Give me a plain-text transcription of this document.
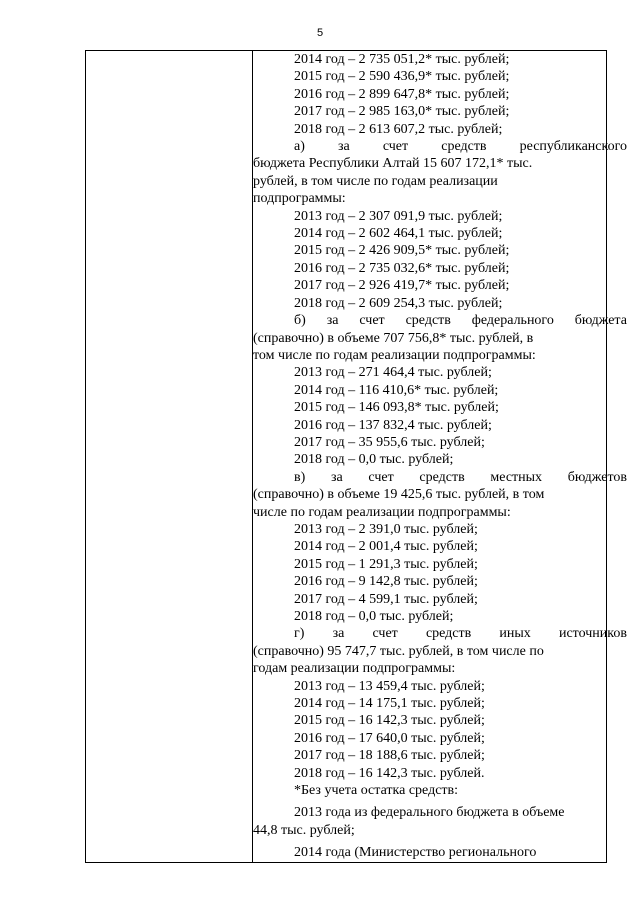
5

2014 год – 2 735 051,2* тыс. рублей;
2015 год – 2 590 436,9* тыс. рублей;
2016 год – 2 899 647,8* тыс. рублей;
2017 год – 2 985 163,0* тыс. рублей;
2018 год – 2 613 607,2 тыс. рублей;
а) за счет средств республиканского
бюджета Республики Алтай 15 607 172,1* тыс.
рублей, в том числе по годам реализации
подпрограммы:
2013 год – 2 307 091,9 тыс. рублей;
2014 год – 2 602 464,1 тыс. рублей;
2015 год – 2 426 909,5* тыс. рублей;
2016 год – 2 735 032,6* тыс. рублей;
2017 год – 2 926 419,7* тыс. рублей;
2018 год – 2 609 254,3 тыс. рублей;
б) за счет средств федерального бюджета
(справочно) в объеме 707 756,8* тыс. рублей, в
том числе по годам реализации подпрограммы:
2013 год – 271 464,4 тыс. рублей;
2014 год – 116 410,6* тыс. рублей;
2015 год – 146 093,8* тыс. рублей;
2016 год – 137 832,4 тыс. рублей;
2017 год – 35 955,6 тыс. рублей;
2018 год – 0,0 тыс. рублей;
в) за счет средств местных бюджетов
(справочно) в объеме 19 425,6 тыс. рублей, в том
числе по годам реализации подпрограммы:
2013 год – 2 391,0 тыс. рублей;
2014 год – 2 001,4 тыс. рублей;
2015 год – 1 291,3 тыс. рублей;
2016 год – 9 142,8 тыс. рублей;
2017 год – 4 599,1 тыс. рублей;
2018 год – 0,0 тыс. рублей;
г) за счет средств иных источников
(справочно) 95 747,7 тыс. рублей, в том числе по
годам реализации подпрограммы:
2013 год – 13 459,4 тыс. рублей;
2014 год – 14 175,1 тыс. рублей;
2015 год – 16 142,3 тыс. рублей;
2016 год – 17 640,0 тыс. рублей;
2017 год – 18 188,6 тыс. рублей;
2018 год – 16 142,3 тыс. рублей.
*Без учета остатка средств:
2013 года из федерального бюджета в объеме
44,8 тыс. рублей;
2014 года (Министерство регионального
